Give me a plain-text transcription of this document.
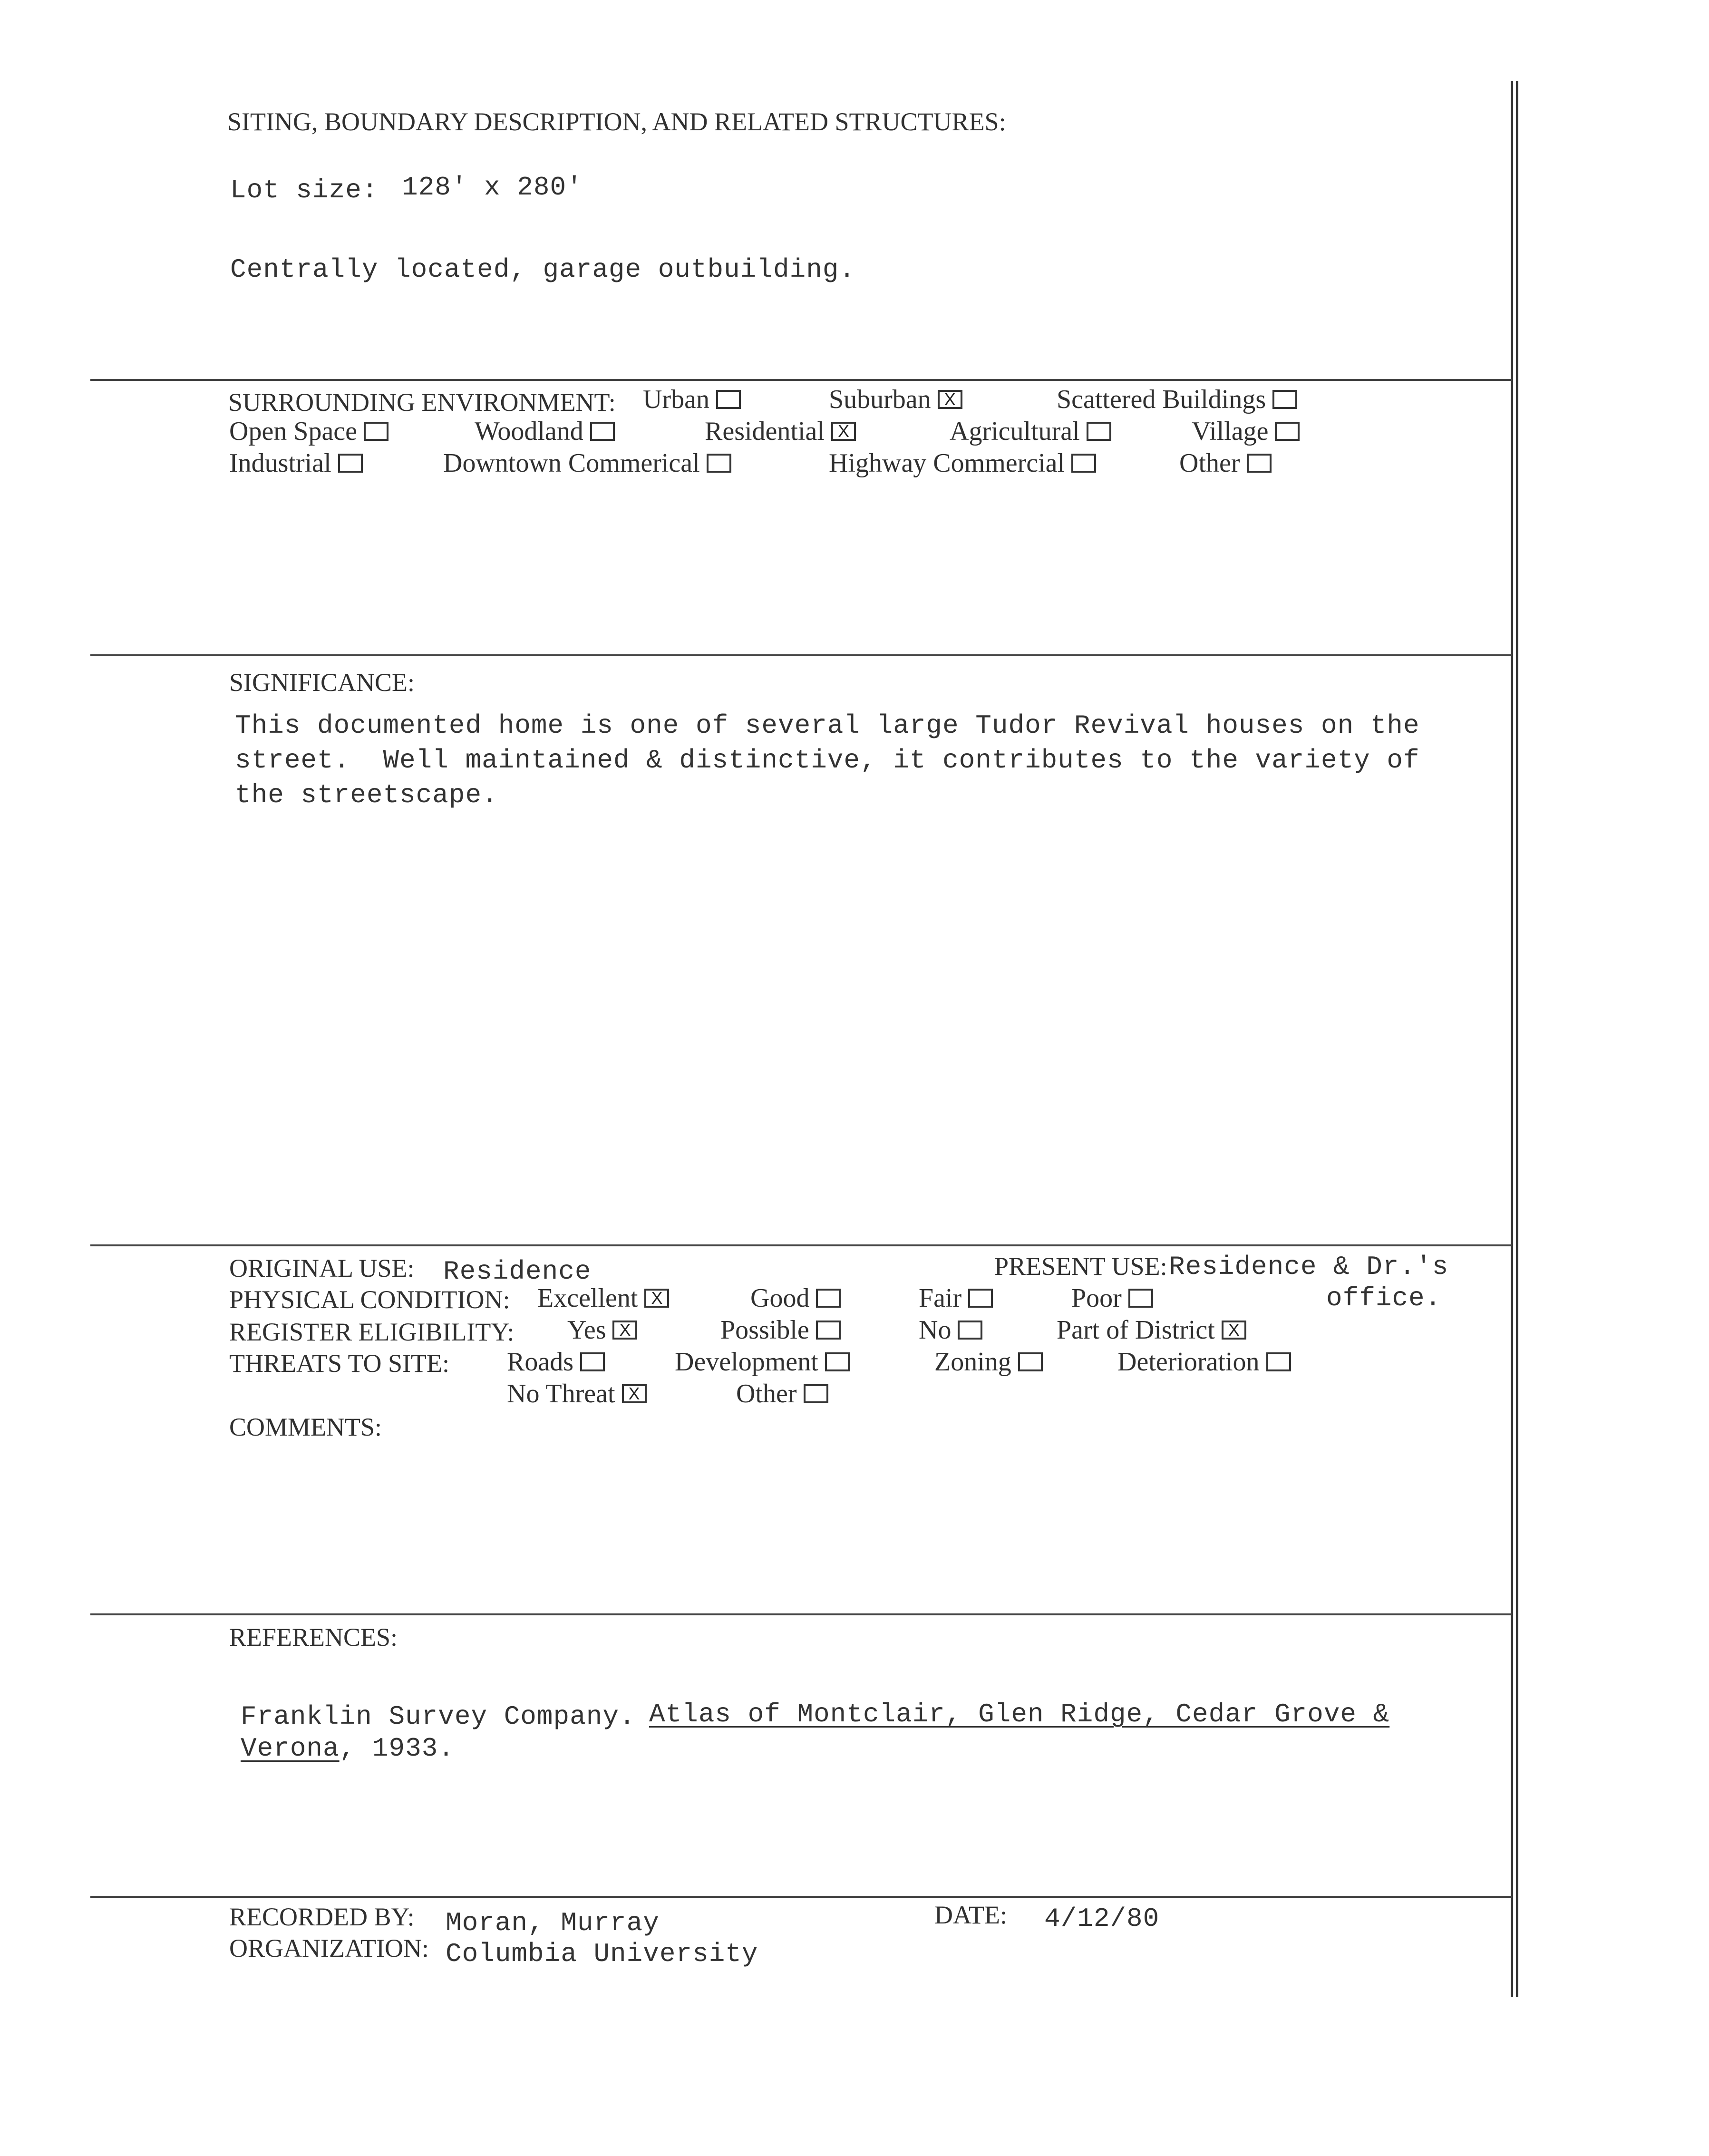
SITING, BOUNDARY DESCRIPTION, AND RELATED STRUCTURES:
Lot size: 128' x 280'
Centrally located, garage outbuilding.
SURROUNDING ENVIRONMENT: Urban	Suburban X	Scattered Buildings
Open Space	Woodland	Residential X	Agricultural	Village
Industrial	Downtown Commerical	Highway Commercial	Other
SIGNIFICANCE:
This documented home is one of several large Tudor Revival houses on the
street.  Well maintained & distinctive, it contributes to the variety of
the streetscape.
ORIGINAL USE: Residence	PRESENT USE: Residence & Dr.'s
office.
PHYSICAL CONDITION: Excellent X	Good	Fair	Poor
REGISTER ELIGIBILITY: Yes X	Possible	No	Part of District X
THREATS TO SITE: Roads	Development	Zoning	Deterioration
No Threat X	Other
COMMENTS:
REFERENCES:
Franklin Survey Company. Atlas of Montclair, Glen Ridge, Cedar Grove &
Verona, 1933.
RECORDED BY: Moran, Murray
ORGANIZATION: Columbia University
DATE: 4/12/80
